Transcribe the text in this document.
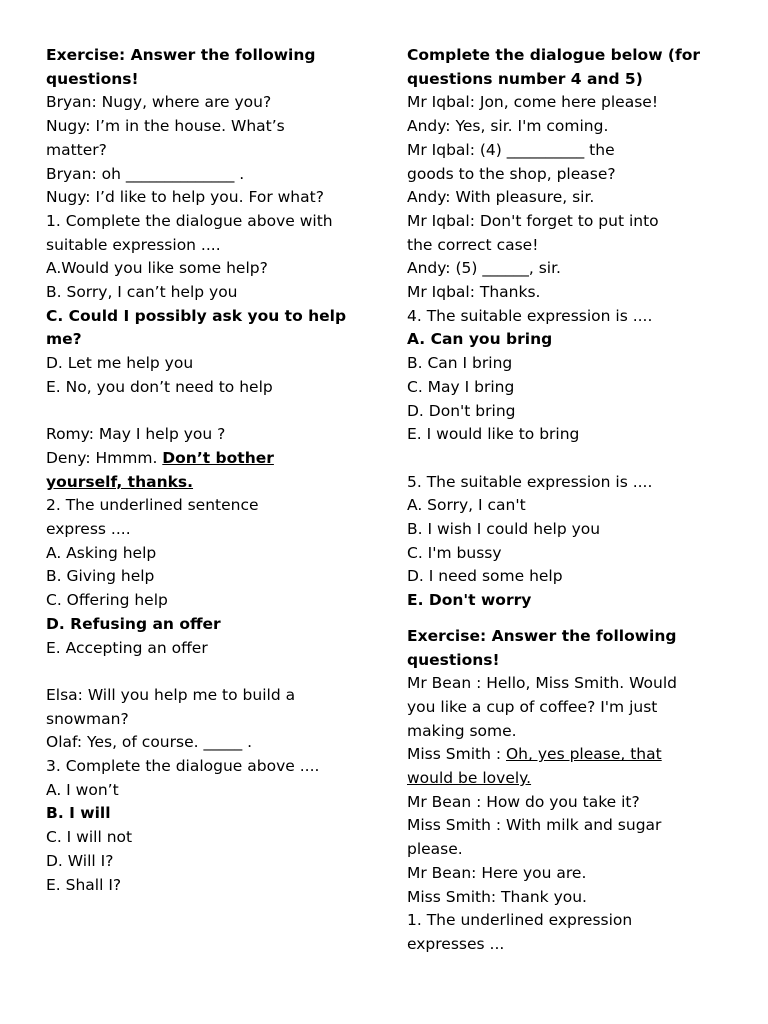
Exercise: Answer the following
questions!
Bryan: Nugy, where are you?
Nugy: I’m in the house. What’s
matter?
Bryan: oh ______________ .
Nugy: I’d like to help you. For what?
1. Complete the dialogue above with
suitable expression ....
A.Would you like some help?
B. Sorry, I can’t help you
C. Could I possibly ask you to help
me?
D. Let me help you
E. No, you don’t need to help
Romy: May I help you ?
Deny: Hmmm. Don’t bother
yourself, thanks.
2. The underlined sentence
express ....
A. Asking help
B. Giving help
C. Offering help
D. Refusing an offer
E. Accepting an offer
Elsa: Will you help me to build a
snowman?
Olaf: Yes, of course. _____ .
3. Complete the dialogue above ....
A. I won’t
B. I will
C. I will not
D. Will I?
E. Shall I?
Complete the dialogue below (for
questions number 4 and 5)
Mr Iqbal: Jon, come here please!
Andy: Yes, sir. I'm coming.
Mr Iqbal: (4) __________ the
goods to the shop, please?
Andy: With pleasure, sir.
Mr Iqbal: Don't forget to put into
the correct case!
Andy: (5) ______, sir.
Mr Iqbal: Thanks.
4. The suitable expression is ....
A. Can you bring
B. Can I bring
C. May I bring
D. Don't bring
E. I would like to bring
5. The suitable expression is ....
A. Sorry, I can't
B. I wish I could help you
C. I'm bussy
D. I need some help
E. Don't worry
Exercise: Answer the following
questions!
Mr Bean : Hello, Miss Smith. Would
you like a cup of coffee? I'm just
making some.
Miss Smith : Oh, yes please, that
would be lovely.
Mr Bean : How do you take it?
Miss Smith : With milk and sugar
please.
Mr Bean: Here you are.
Miss Smith: Thank you.
1. The underlined expression
expresses ...
